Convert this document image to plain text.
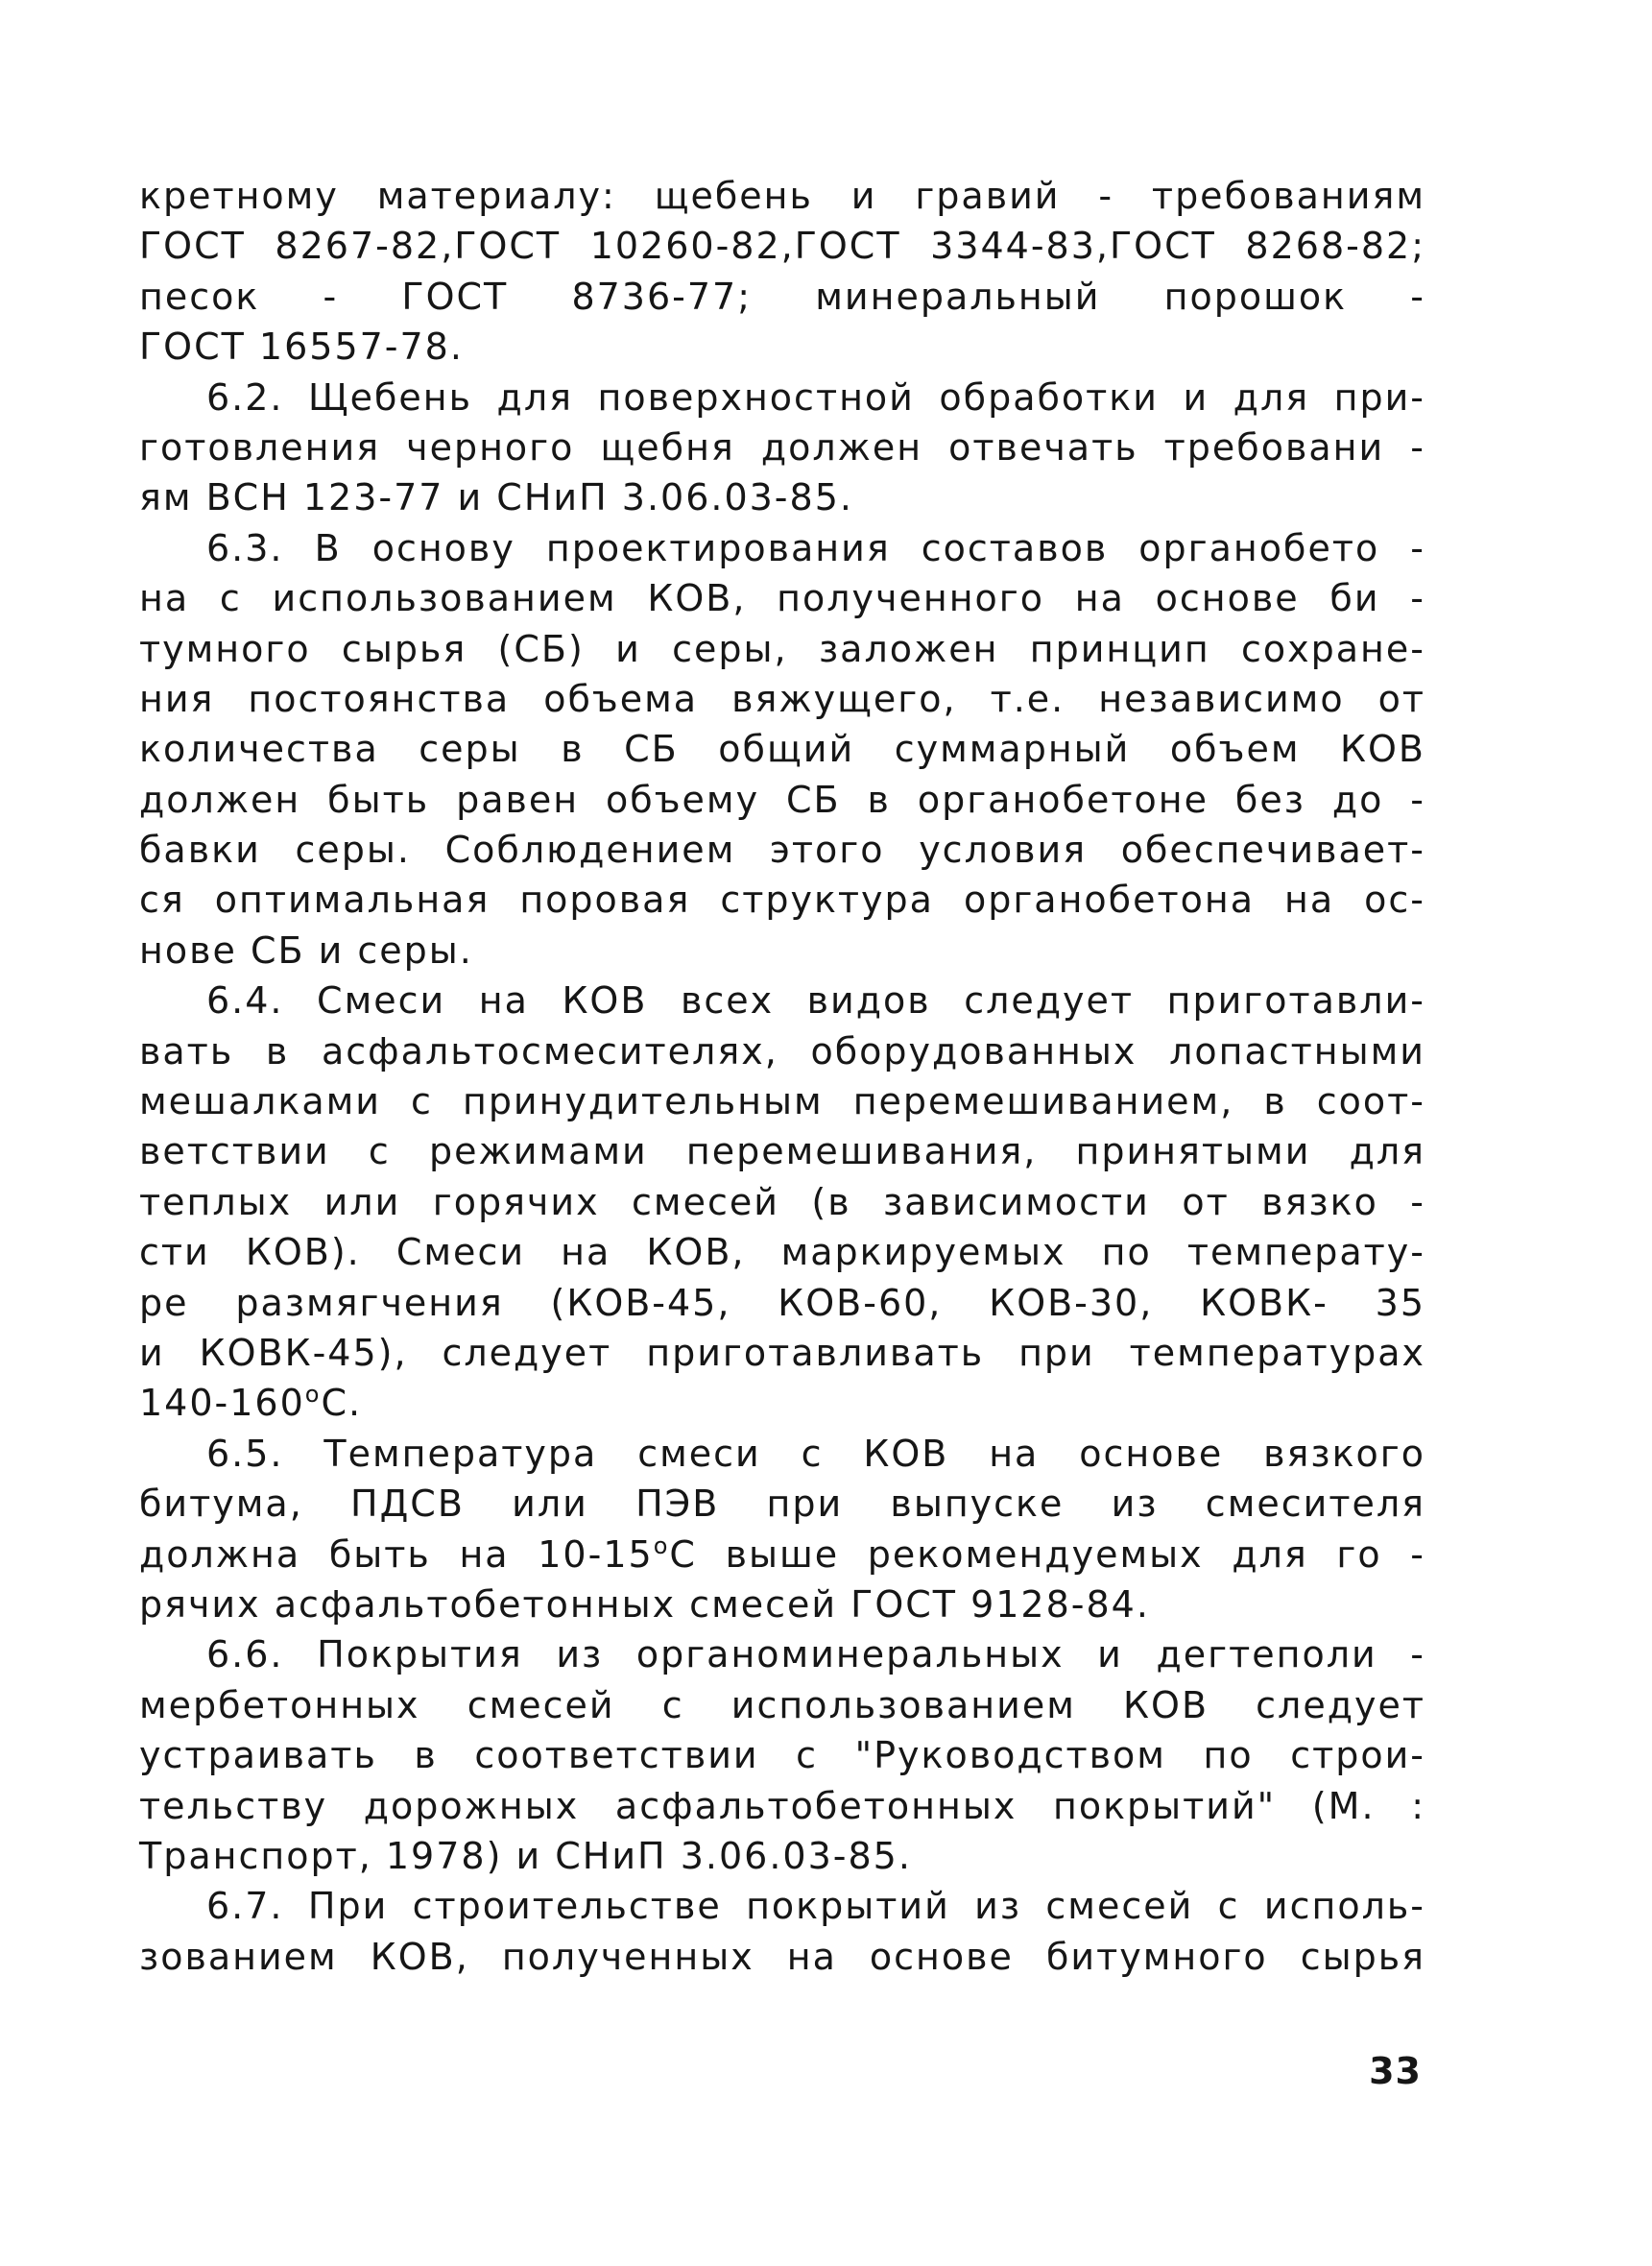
кретному материалу: щебень и гравий - требованиям
ГОСТ 8267-82,ГОСТ 10260-82,ГОСТ 3344-83,ГОСТ 8268-82;
песок - ГОСТ 8736-77; минеральный порошок -
ГОСТ 16557-78.
6.2. Щебень для поверхностной обработки и для при-
готовления черного щебня должен отвечать требовани -
ям ВСН 123-77 и СНиП 3.06.03-85.
6.3. В основу проектирования составов органобето -
на с использованием КОВ, полученного на основе би -
тумного сырья (СБ) и серы, заложен принцип сохране-
ния постоянства объема вяжущего, т.е. независимо от
количества серы в СБ общий суммарный объем КОВ
должен быть равен объему СБ в органобетоне без до -
бавки серы. Соблюдением этого условия обеспечивает-
ся оптимальная поровая структура органобетона на ос-
нове СБ и серы.
6.4. Смеси на КОВ всех видов следует приготавли-
вать в асфальтосмесителях, оборудованных лопастными
мешалками с принудительным перемешиванием, в соот-
ветствии с режимами перемешивания, принятыми для
теплых или горячих смесей (в зависимости от вязко -
сти КОВ). Смеси на КОВ, маркируемых по температу-
ре размягчения (КОВ-45, КОВ-60, КОВ-30, КОВК- 35
и КОВК-45), следует приготавливать при температурах
140-160$^o$C.
6.5. Температура смеси с КОВ на основе вязкого
битума, ПДСВ или ПЭВ при выпуске из смесителя
должна быть на 10-15$^o$C выше рекомендуемых для го -
рячих асфальтобетонных смесей ГОСТ 9128-84.
6.6. Покрытия из органоминеральных и дегтеполи -
мербетонных смесей с использованием КОВ следует
устраивать в соответствии с "Руководством по строи-
тельству дорожных асфальтобетонных покрытий" (М. :
Транспорт, 1978) и СНиП 3.06.03-85.
6.7. При строительстве покрытий из смесей с исполь-
зованием КОВ, полученных на основе битумного сырья
33
